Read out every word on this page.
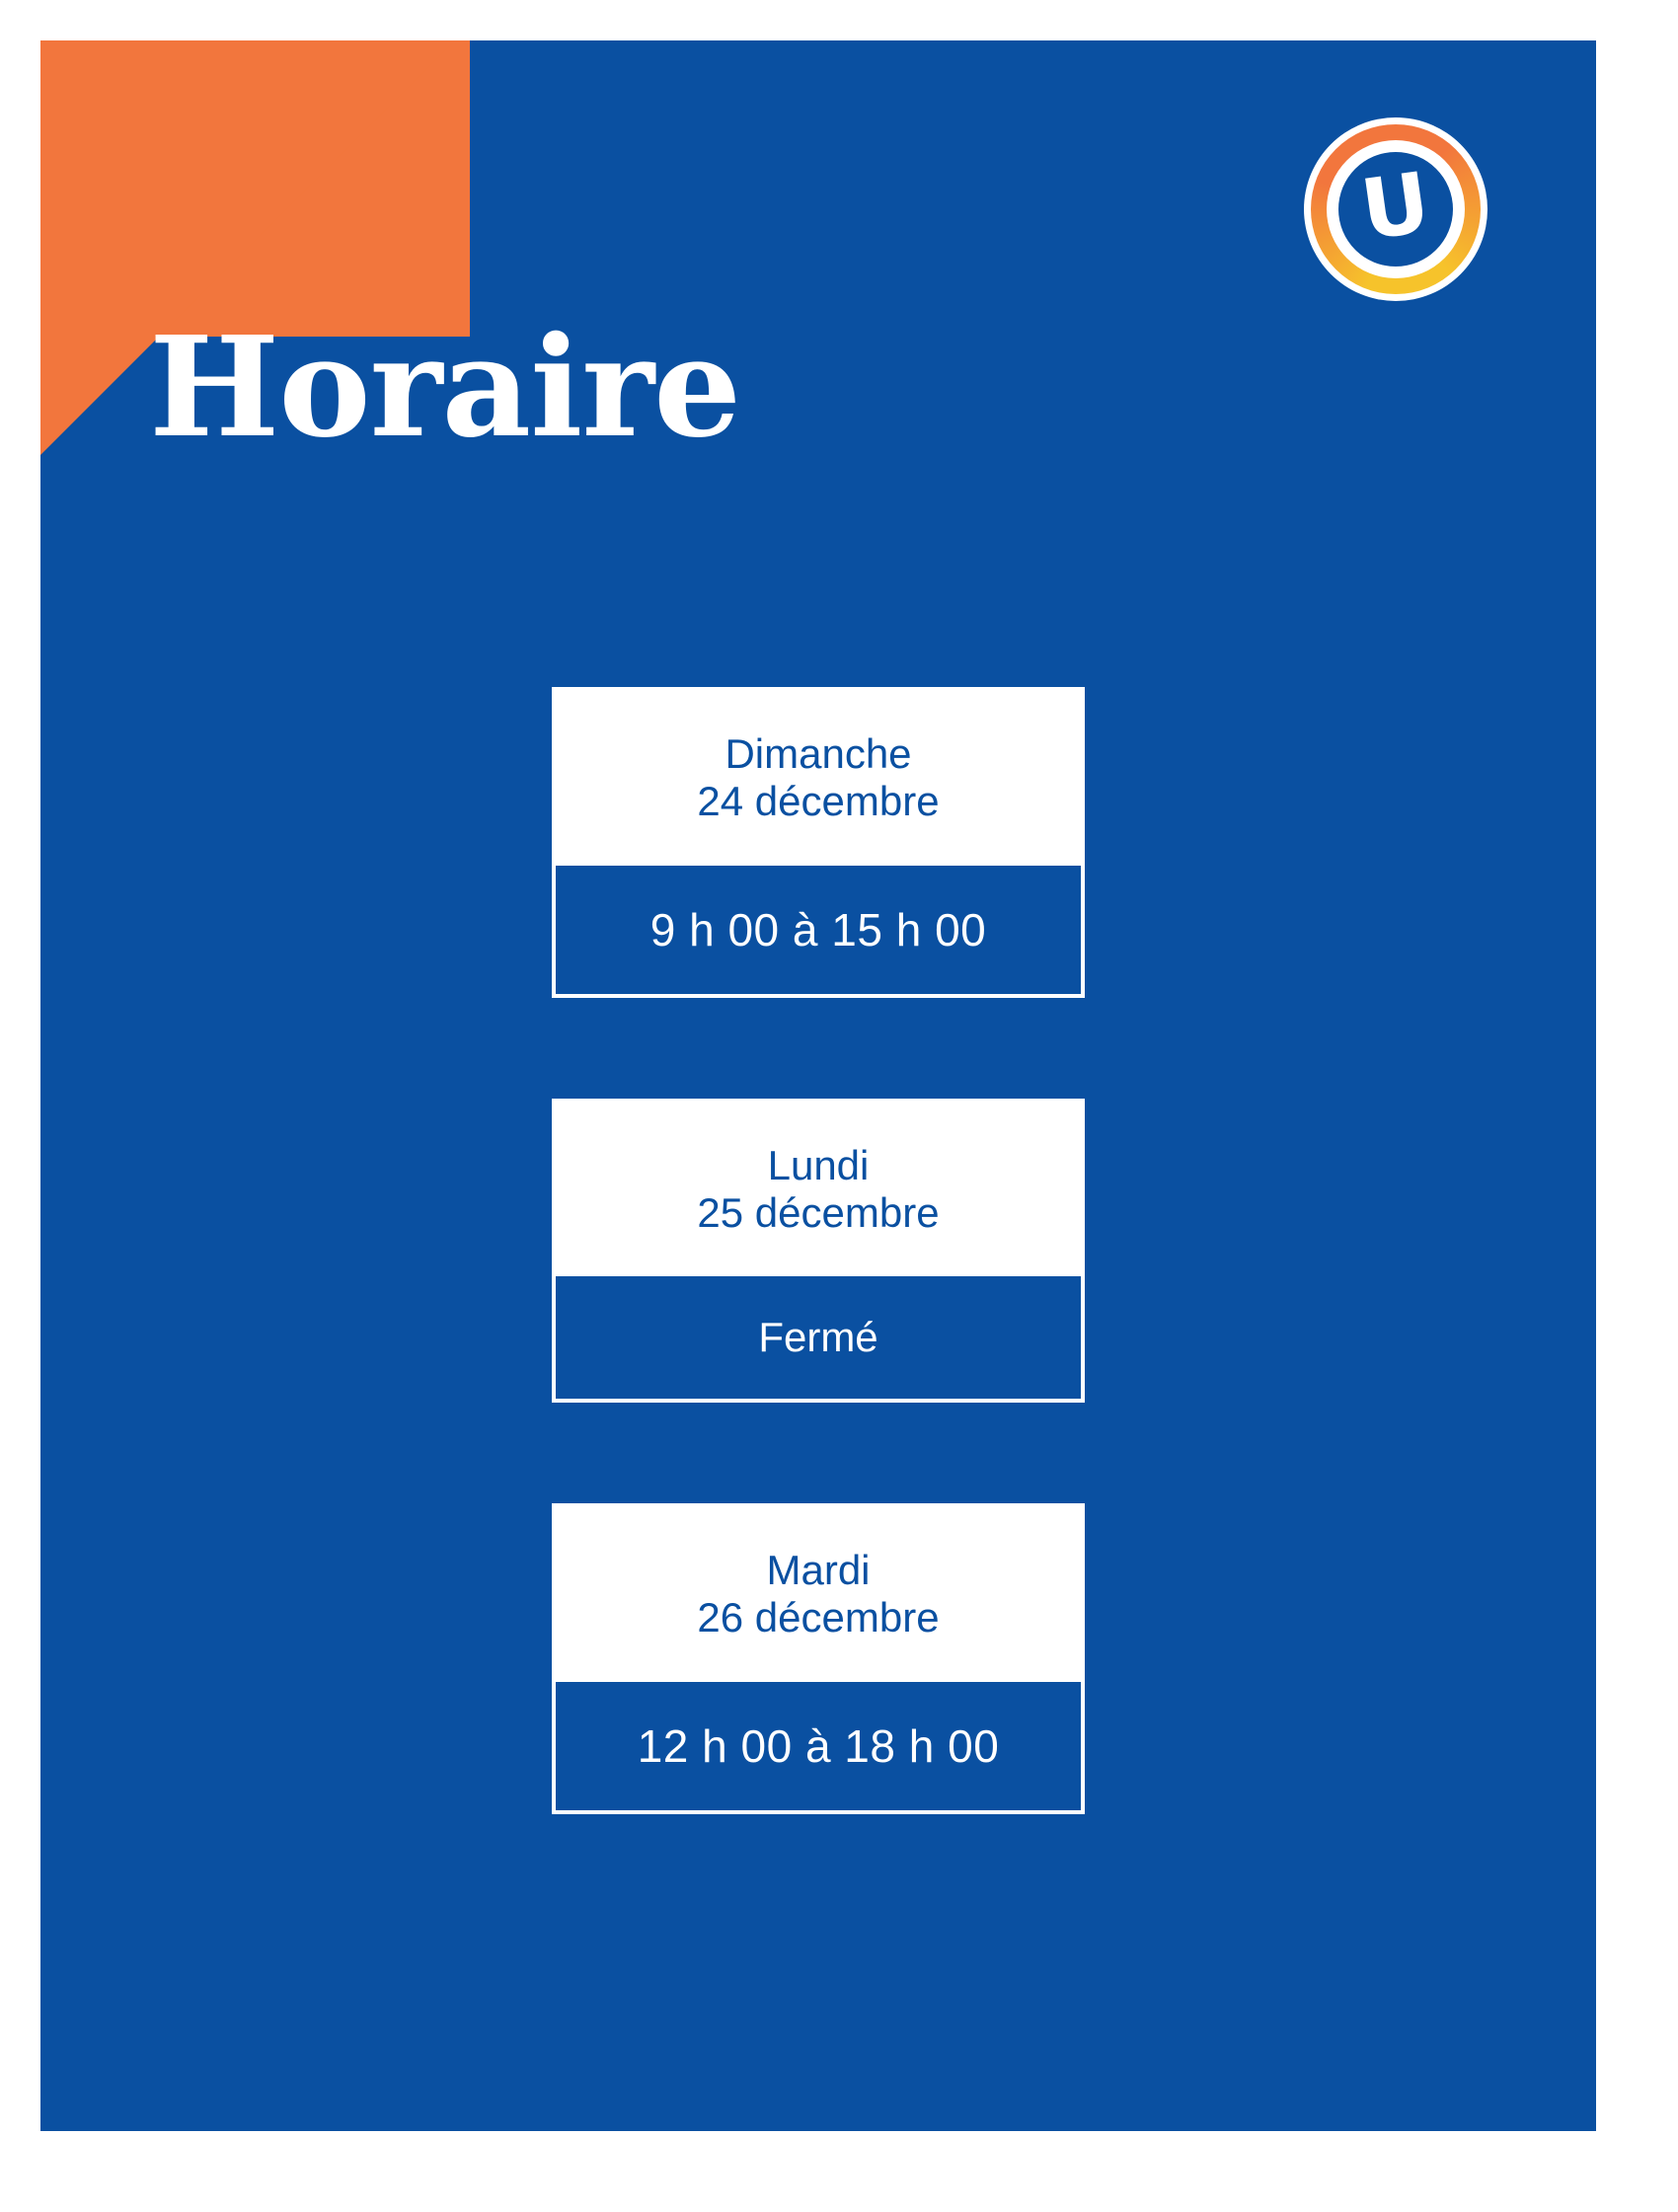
U
Horaire
Dimanche
24 décembre
9 h 00 à 15 h 00
Lundi
25 décembre
Fermé
Mardi
26 décembre
12 h 00 à 18 h 00
